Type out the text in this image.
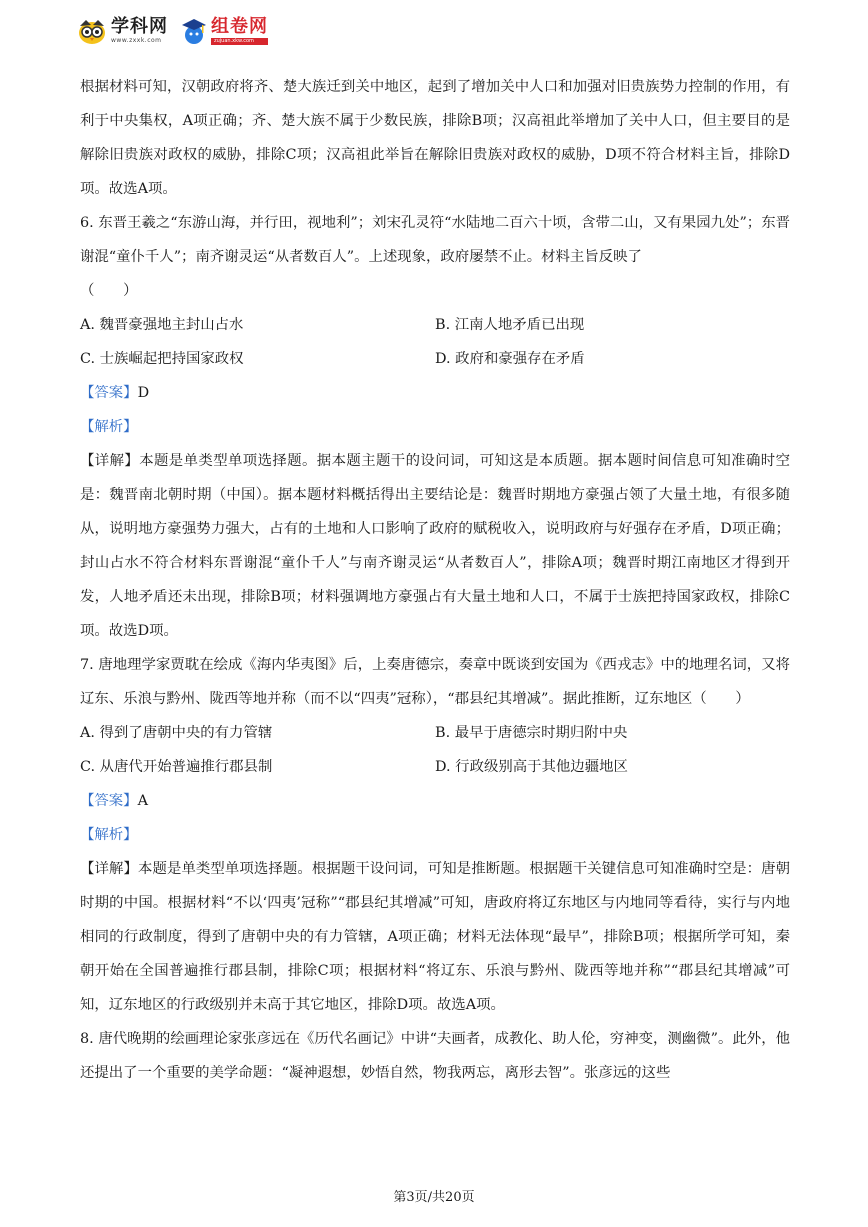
学科网
www.zxxk.com
组卷网
zujuan.xkw.com

根据材料可知，汉朝政府将齐、楚大族迁到关中地区，起到了增加关中人口和加强对旧贵族势力控制的作用，有利于中央集权，A项正确；齐、楚大族不属于少数民族，排除B项；汉高祖此举增加了关中人口，但主要目的是解除旧贵族对政权的威胁，排除C项；汉高祖此举旨在解除旧贵族对政权的威胁，D项不符合材料主旨，排除D项。故选A项。

6. 东晋王羲之“东游山海，并行田，视地利”；刘宋孔灵符“水陆地二百六十顷，含带二山，又有果园九处”；东晋谢混“童仆千人”；南齐谢灵运“从者数百人”。上述现象，政府屡禁不止。材料主旨反映了

（　　）

A. 魏晋豪强地主封山占水	B. 江南人地矛盾已出现

C. 士族崛起把持国家政权	D. 政府和豪强存在矛盾

【答案】D

【解析】

【详解】本题是单类型单项选择题。据本题主题干的设问词，可知这是本质题。据本题时间信息可知准确时空是：魏晋南北朝时期（中国）。据本题材料概括得出主要结论是：魏晋时期地方豪强占领了大量土地，有很多随从，说明地方豪强势力强大，占有的土地和人口影响了政府的赋税收入，说明政府与好强存在矛盾，D项正确；封山占水不符合材料东晋谢混“童仆千人”与南齐谢灵运“从者数百人”，排除A项；魏晋时期江南地区才得到开发，人地矛盾还未出现，排除B项；材料强调地方豪强占有大量土地和人口，不属于士族把持国家政权，排除C项。故选D项。

7. 唐地理学家贾耽在绘成《海内华夷图》后，上奏唐德宗，奏章中既谈到安国为《西戎志》中的地理名词，又将辽东、乐浪与黔州、陇西等地并称（而不以“四夷”冠称），“郡县纪其增减”。据此推断，辽东地区（　　）

A. 得到了唐朝中央的有力管辖	B. 最早于唐德宗时期归附中央

C. 从唐代开始普遍推行郡县制	D. 行政级别高于其他边疆地区

【答案】A

【解析】

【详解】本题是单类型单项选择题。根据题干设问词，可知是推断题。根据题干关键信息可知准确时空是：唐朝时期的中国。根据材料“不以‘四夷’冠称”“郡县纪其增减”可知，唐政府将辽东地区与内地同等看待，实行与内地相同的行政制度，得到了唐朝中央的有力管辖，A项正确；材料无法体现“最早”，排除B项；根据所学可知，秦朝开始在全国普遍推行郡县制，排除C项；根据材料“将辽东、乐浪与黔州、陇西等地并称”“郡县纪其增减”可知，辽东地区的行政级别并未高于其它地区，排除D项。故选A项。

8. 唐代晚期的绘画理论家张彦远在《历代名画记》中讲“夫画者，成教化、助人伦，穷神变，测幽微”。此外，他还提出了一个重要的美学命题：“凝神遐想，妙悟自然，物我两忘，离形去智”。张彦远的这些

第3页/共20页
